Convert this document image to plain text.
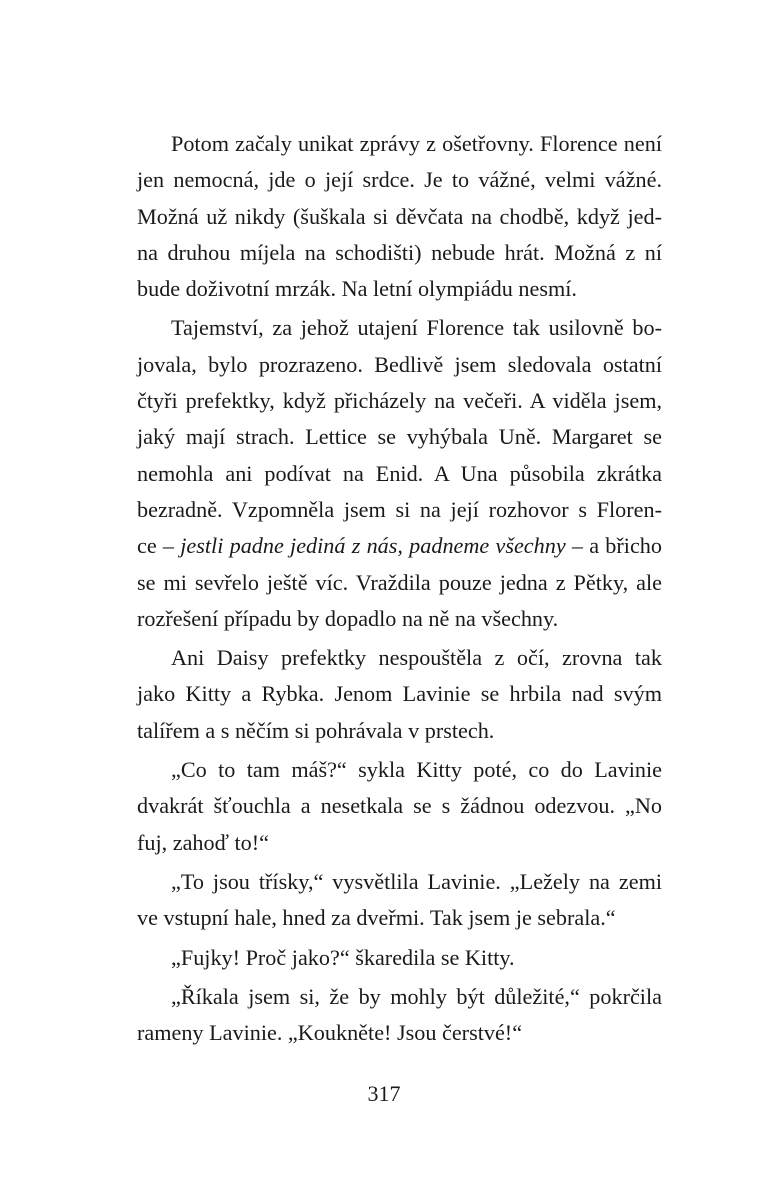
Potom začaly unikat zprávy z ošetřovny. Florence není
jen nemocná, jde o její srdce. Je to vážné, velmi vážné.
Možná už nikdy (šuškala si děvčata na chodbě, když jed-
na druhou míjela na schodišti) nebude hrát. Možná z ní
bude doživotní mrzák. Na letní olympiádu nesmí.
Tajemství, za jehož utajení Florence tak usilovně bo-
jovala, bylo prozrazeno. Bedlivě jsem sledovala ostatní
čtyři prefektky, když přicházely na večeři. A viděla jsem,
jaký mají strach. Lettice se vyhýbala Uně. Margaret se
nemohla ani podívat na Enid. A Una působila zkrátka
bezradně. Vzpomněla jsem si na její rozhovor s Floren-
ce – jestli padne jediná z nás, padneme všechny – a břicho
se mi sevřelo ještě víc. Vraždila pouze jedna z Pětky, ale
rozřešení případu by dopadlo na ně na všechny.
Ani Daisy prefektky nespouštěla z očí, zrovna tak
jako Kitty a Rybka. Jenom Lavinie se hrbila nad svým
talířem a s něčím si pohrávala v prstech.
„Co to tam máš?“ sykla Kitty poté, co do Lavinie
dvakrát šťouchla a nesetkala se s žádnou odezvou. „No
fuj, zahoď to!“
„To jsou třísky,“ vysvětlila Lavinie. „Ležely na zemi
ve vstupní hale, hned za dveřmi. Tak jsem je sebrala.“
„Fujky! Proč jako?“ škaredila se Kitty.
„Říkala jsem si, že by mohly být důležité,“ pokrčila
rameny Lavinie. „Koukněte! Jsou čerstvé!“
317
